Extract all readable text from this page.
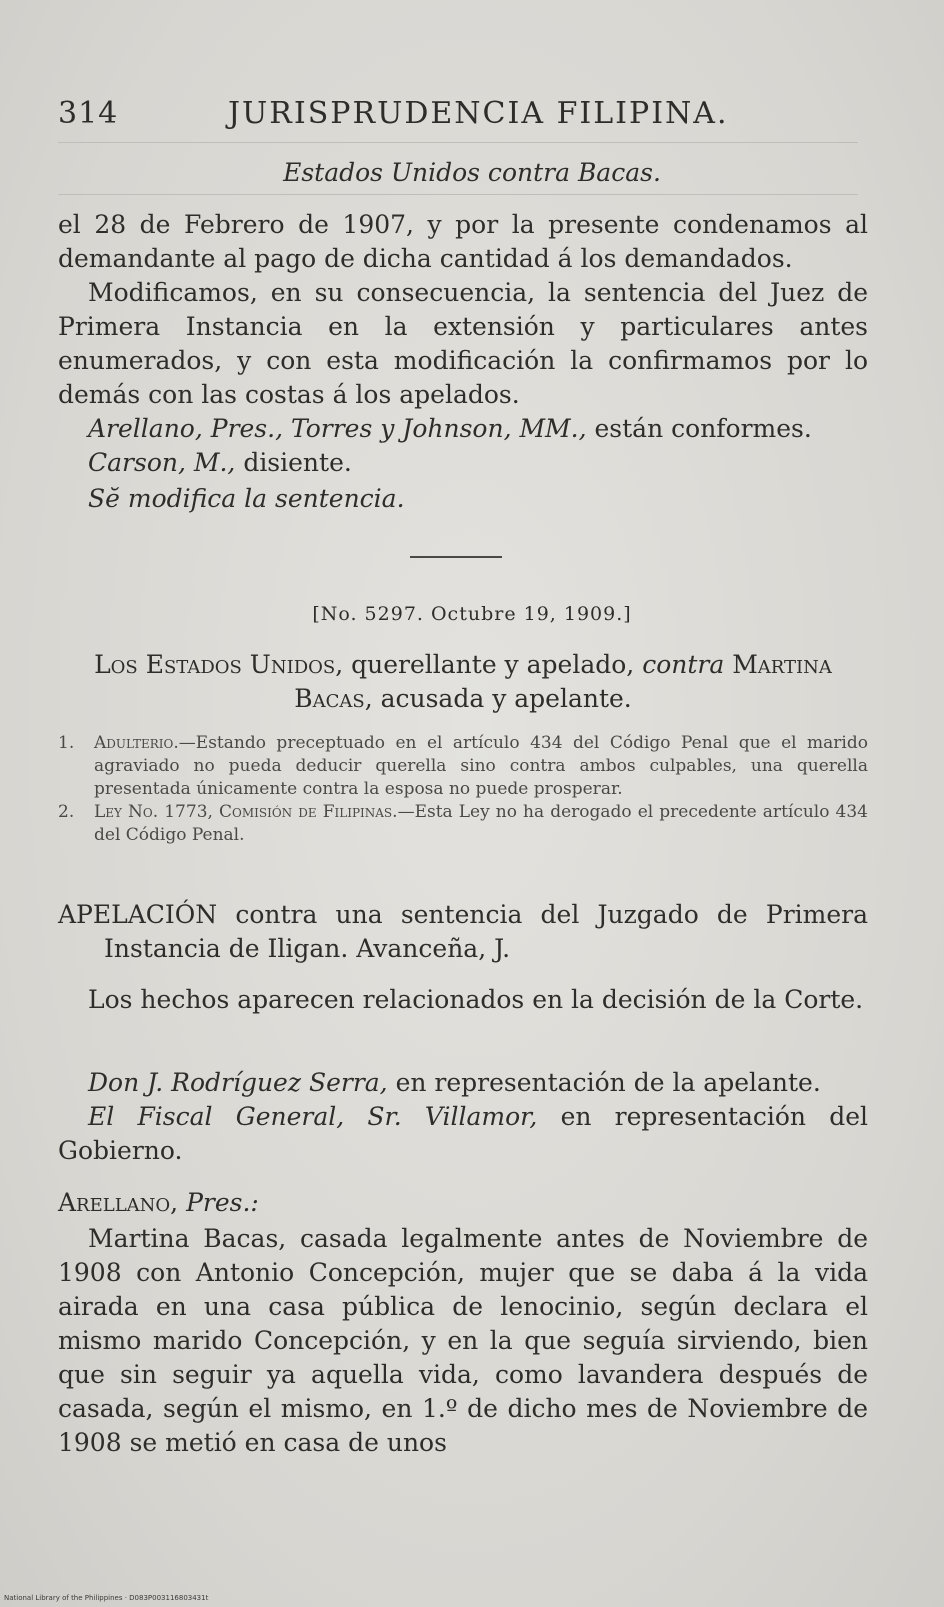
314	JURISPRUDENCIA FILIPINA.
Estados Unidos contra Bacas.

el 28 de Febrero de 1907, y por la presente condenamos al demandante al pago de dicha cantidad á los demandados.

Modificamos, en su consecuencia, la sentencia del Juez de Primera Instancia en la extensión y particulares antes enumerados, y con esta modificación la confirmamos por lo demás con las costas á los apelados.

Arellano, Pres., Torres y Johnson, MM., están conformes.

Carson, M., disiente.

Sĕ modifica la sentencia.

[No. 5297. Octubre 19, 1909.]
Los Estados Unidos, querellante y apelado, contra Martina Bacas, acusada y apelante.
1.	Adulterio.—Estando preceptuado en el artículo 434 del Código Penal que el marido agraviado no pueda deducir querella sino contra ambos culpables, una querella presentada únicamente contra la esposa no puede prosperar.
2.	Ley No. 1773, Comisión de Filipinas.—Esta Ley no ha derogado el precedente artículo 434 del Código Penal.

APELACIÓN contra una sentencia del Juzgado de Primera Instancia de Iligan. Avanceña, J.

Los hechos aparecen relacionados en la decisión de la Corte.

Don J. Rodríguez Serra, en representación de la apelante.

El Fiscal General, Sr. Villamor, en representación del Gobierno.

Arellano, Pres.:

Martina Bacas, casada legalmente antes de Noviembre de 1908 con Antonio Concepción, mujer que se daba á la vida airada en una casa pública de lenocinio, según declara el mismo marido Concepción, y en la que seguía sirviendo, bien que sin seguir ya aquella vida, como lavandera después de casada, según el mismo, en 1.º de dicho mes de Noviembre de 1908 se metió en casa de unos

National Library of the Philippines · D083P003116803431t
